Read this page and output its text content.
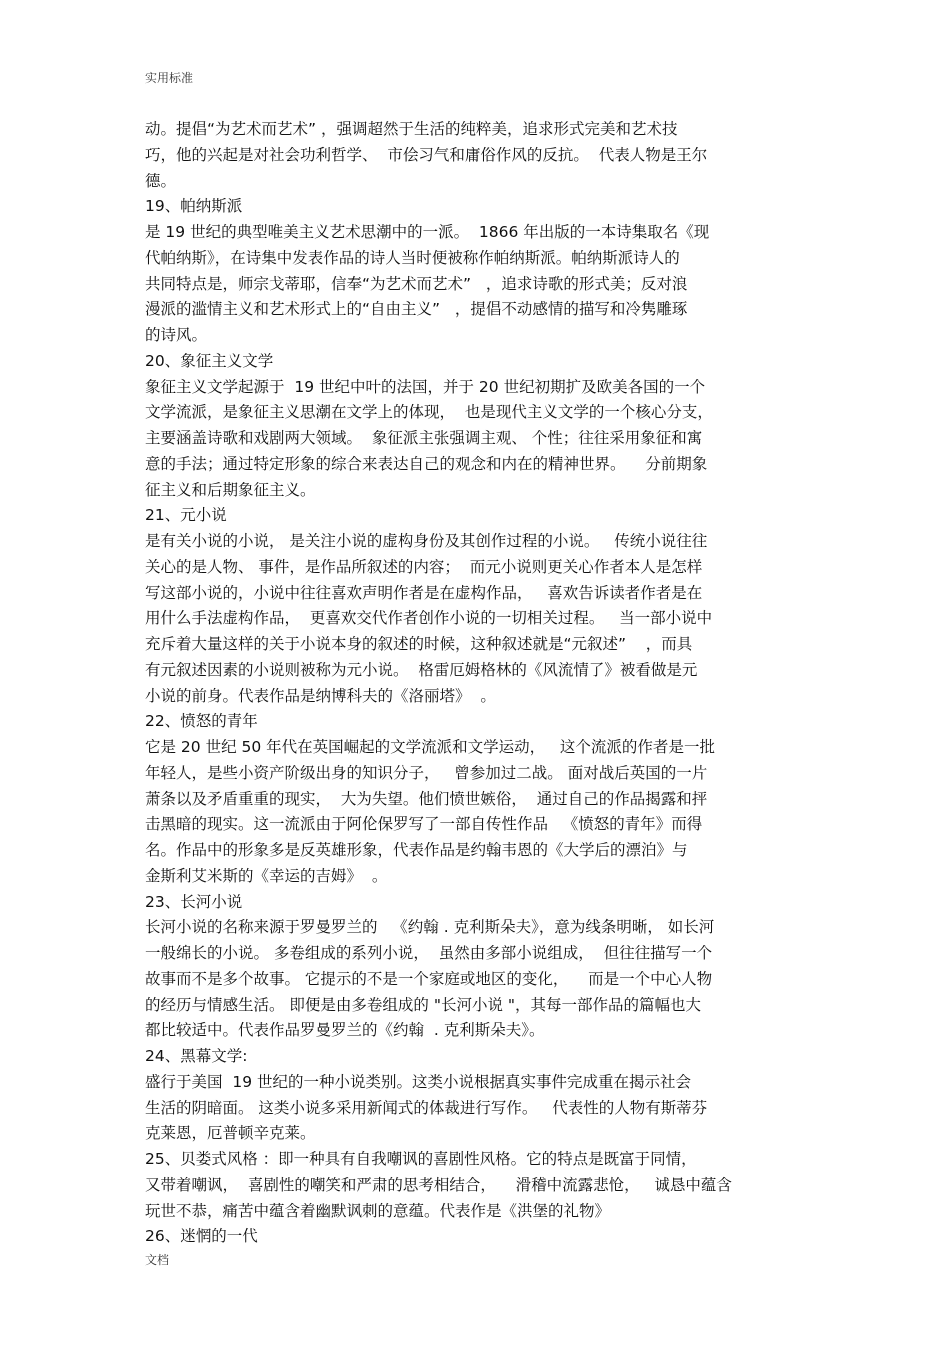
实用标准
动。提倡“为艺术而艺术” ，强调超然于生活的纯粹美，追求形式完美和艺术技
巧，他的兴起是对社会功利哲学、  市侩习气和庸俗作风的反抗。  代表人物是王尔
德。
19、帕纳斯派
是 19 世纪的典型唯美主义艺术思潮中的一派。  1866 年出版的一本诗集取名《现
代帕纳斯》，在诗集中发表作品的诗人当时便被称作帕纳斯派。帕纳斯派诗人的
共同特点是，师宗戈蒂耶，信奉“为艺术而艺术”   ，追求诗歌的形式美；反对浪
漫派的滥情主义和艺术形式上的“自由主义”   ，提倡不动感情的描写和冷隽雕琢
的诗风。
20、象征主义文学
象征主义文学起源于  19 世纪中叶的法国，并于 20 世纪初期扩及欧美各国的一个
文学流派，是象征主义思潮在文学上的体现，  也是现代主义文学的一个核心分支，
主要涵盖诗歌和戏剧两大领域。  象征派主张强调主观、 个性；往往采用象征和寓
意的手法；通过特定形象的综合来表达自己的观念和内在的精神世界。    分前期象
征主义和后期象征主义。
21、元小说
是有关小说的小说， 是关注小说的虚构身份及其创作过程的小说。   传统小说往往
关心的是人物、 事件，是作品所叙述的内容；  而元小说则更关心作者本人是怎样
写这部小说的，小说中往往喜欢声明作者是在虚构作品，   喜欢告诉读者作者是在
用什么手法虚构作品，  更喜欢交代作者创作小说的一切相关过程。   当一部小说中
充斥着大量这样的关于小说本身的叙述的时候，这种叙述就是“元叙述”    ，而具
有元叙述因素的小说则被称为元小说。  格雷厄姆格林的《风流情了》被看做是元
小说的前身。代表作品是纳博科夫的《洛丽塔》  。
22、愤怒的青年
它是 20 世纪 50 年代在英国崛起的文学流派和文学运动，   这个流派的作者是一批
年轻人，是些小资产阶级出身的知识分子，   曾参加过二战。 面对战后英国的一片
萧条以及矛盾重重的现实，  大为失望。他们愤世嫉俗，  通过自己的作品揭露和抨
击黑暗的现实。这一流派由于阿伦保罗写了一部自传性作品   《愤怒的青年》而得
名。作品中的形象多是反英雄形象，代表作品是约翰韦恩的《大学后的漂泊》与
金斯利艾米斯的《幸运的吉姆》  。
23、长河小说
长河小说的名称来源于罗曼罗兰的   《约翰 . 克利斯朵夫》，意为线条明晰， 如长河
一般绵长的小说。 多卷组成的系列小说，  虽然由多部小说组成，  但往往描写一个
故事而不是多个故事。 它提示的不是一个家庭或地区的变化，    而是一个中心人物
的经历与情感生活。 即便是由多卷组成的 "长河小说 "，其每一部作品的篇幅也大
都比较适中。代表作品罗曼罗兰的《约翰  . 克利斯朵夫》。
24、黑幕文学:
盛行于美国  19 世纪的一种小说类别。这类小说根据真实事件完成重在揭示社会
生活的阴暗面。 这类小说多采用新闻式的体裁进行写作。   代表性的人物有斯蒂芬
克莱恩，厄普顿辛克莱。
25、贝娄式风格 ：即一种具有自我嘲讽的喜剧性风格。它的特点是既富于同情，
又带着嘲讽，  喜剧性的嘲笑和严肃的思考相结合，    滑稽中流露悲怆，   诚恳中蕴含
玩世不恭，痛苦中蕴含着幽默讽刺的意蕴。代表作是《洪堡的礼物》
26、迷惘的一代
文档
